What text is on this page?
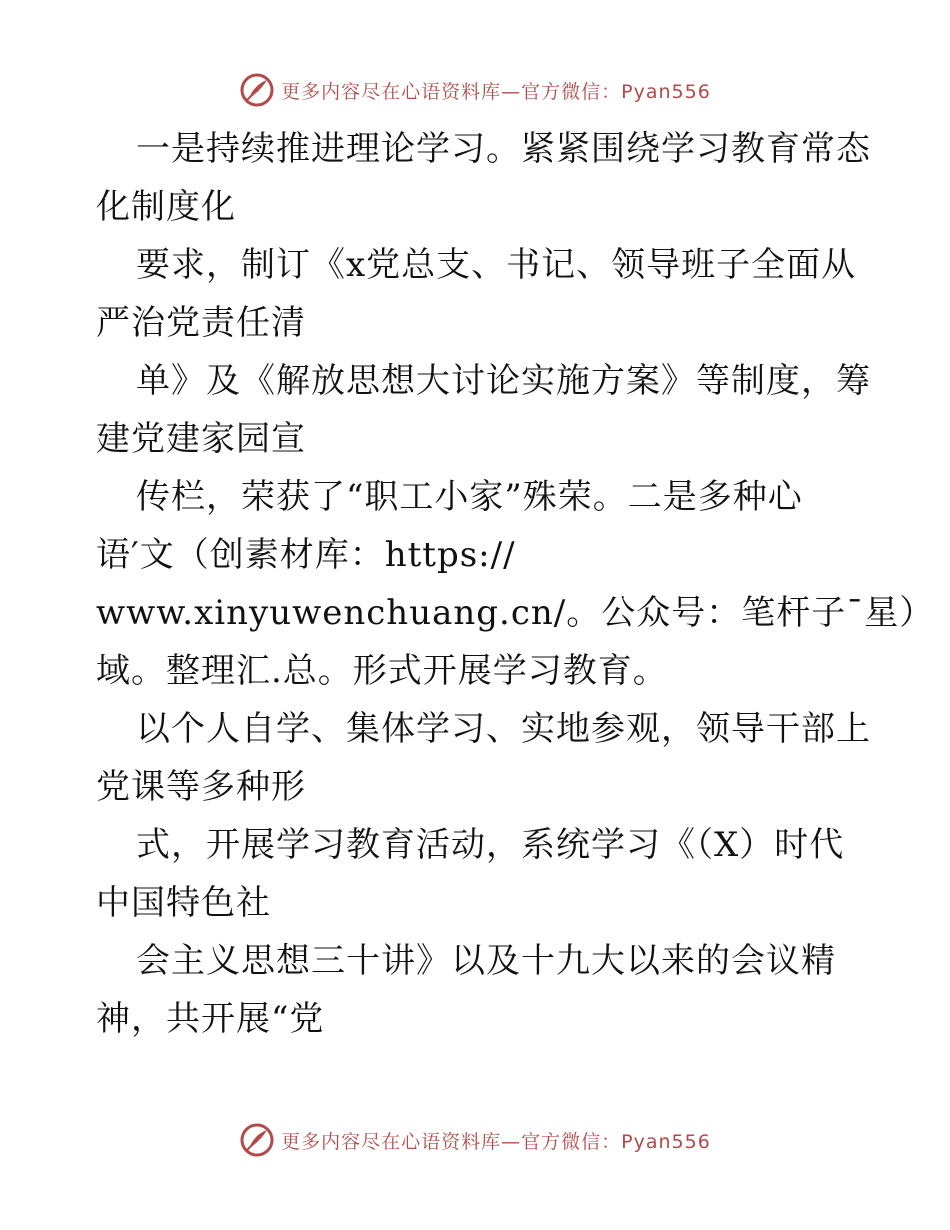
更多内容尽在心语资料库—官方微信：Pyan556
一是持续推进理论学习。紧紧围绕学习教育常态
化制度化
要求，制订《x党总支、书记、领导班子全面从
严治党责任清
单》及《解放思想大讨论实施方案》等制度，筹
建党建家园宣
传栏，荣获了“职工小家”殊荣。二是多种心
语′文（创素材库：https://
www.xinyuwenchuang.cn/。公众号：笔杆子¯星）
域。整理汇.总。形式开展学习教育。
以个人自学、集体学习、实地参观，领导干部上
党课等多种形
式，开展学习教育活动，系统学习《（X）时代
中国特色社
会主义思想三十讲》以及十九大以来的会议精
神，共开展“党
更多内容尽在心语资料库—官方微信：Pyan556
